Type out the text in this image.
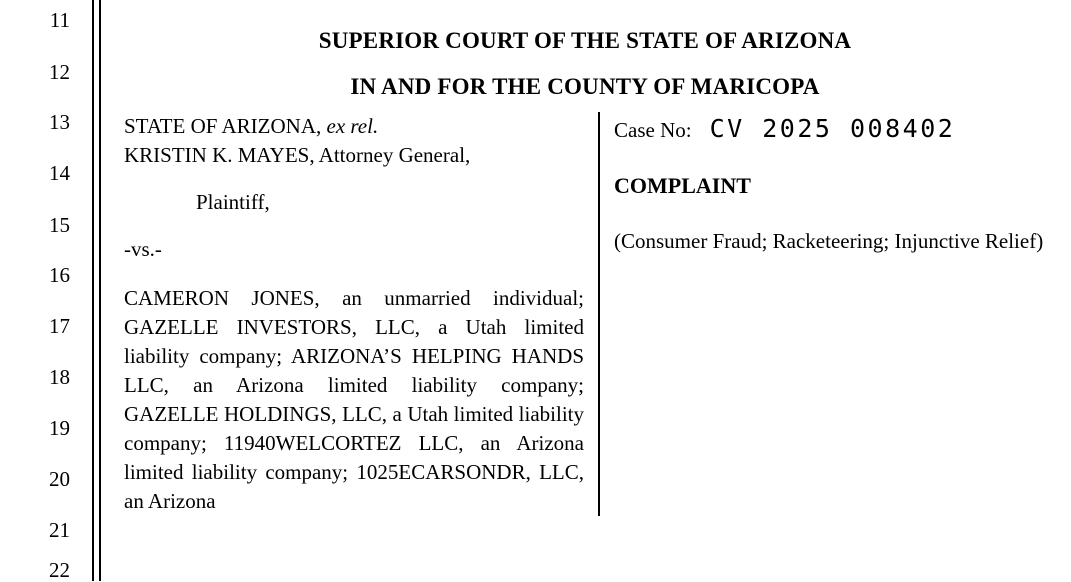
11
12
13
14
15
16
17
18
19
20
21
22
SUPERIOR COURT OF THE STATE OF ARIZONA
IN AND FOR THE COUNTY OF MARICOPA
STATE OF ARIZONA, ex rel.
KRISTIN K. MAYES, Attorney General,
Plaintiff,
-vs.-
CAMERON JONES, an unmarried individual; GAZELLE INVESTORS, LLC, a Utah limited liability company; ARIZONA’S HELPING HANDS LLC, an Arizona limited liability company; GAZELLE HOLDINGS, LLC, a Utah limited liability company; 11940WELCORTEZ LLC, an Arizona limited liability company; 1025ECARSONDR, LLC, an Arizona

Case No: CV 2025 008402
COMPLAINT
(Consumer Fraud; Racketeering; Injunctive Relief)
